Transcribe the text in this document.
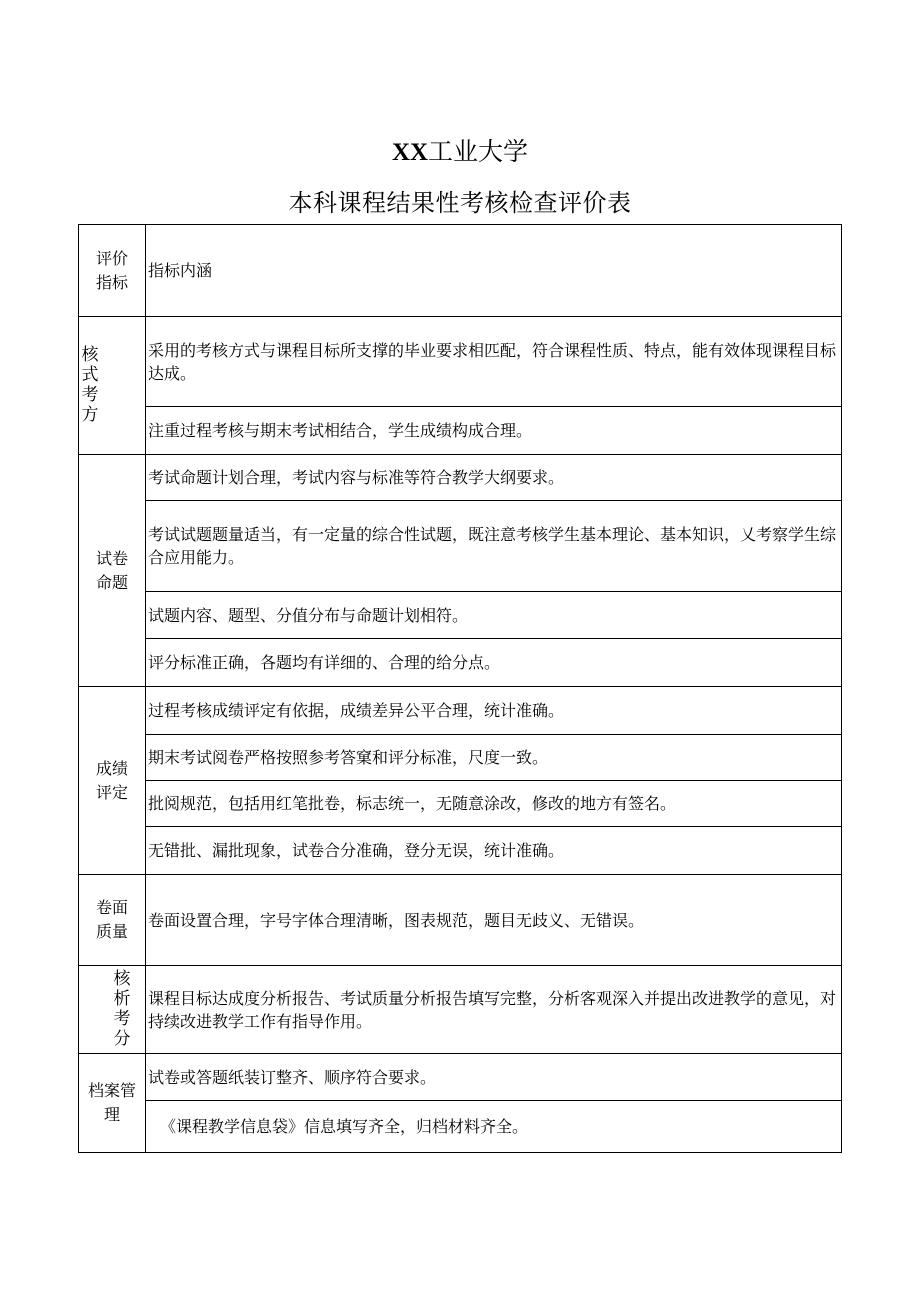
XX工业大学
本科课程结果性考核检查评价表
评价
指标	指标内涵
核式考方	采用的考核方式与课程目标所支撑的毕业要求相匹配，符合课程性质、特点，能有效体现课程目标达成。
	注重过程考核与期末考试相结合，学生成绩构成合理。
试卷命题	考试命题计划合理，考试内容与标准等符合教学大纲要求。
	考试试题题量适当，有一定量的综合性试题，既注意考核学生基本理论、基本知识，乂考察学生综合应用能力。
	试题内容、题型、分值分布与命题计划相符。
	评分标准正确，各题均有详细的、合理的给分点。
成绩评定	过程考核成绩评定有依据，成绩差异公平合理，统计准确。
	期末考试阅卷严格按照参考答窠和评分标准，尺度一致。
	批阅规范，包括用红笔批卷，标志统一，无随意涂改，修改的地方有签名。
	无错批、漏批现象，试卷合分准确，登分无误，统计准确。
卷面质量	卷面设置合理，字号字体合理清晰，图表规范，题目无歧义、无错误。
核析考分	课程目标达成度分析报告、考试质量分析报告填写完整，分析客观深入并提出改进教学的意见，对持续改进教学工作有指导作用。
档案管理	试卷或答题纸装订整齐、顺序符合要求。
	《课程教学信息袋》信息填写齐全，归档材料齐全。
